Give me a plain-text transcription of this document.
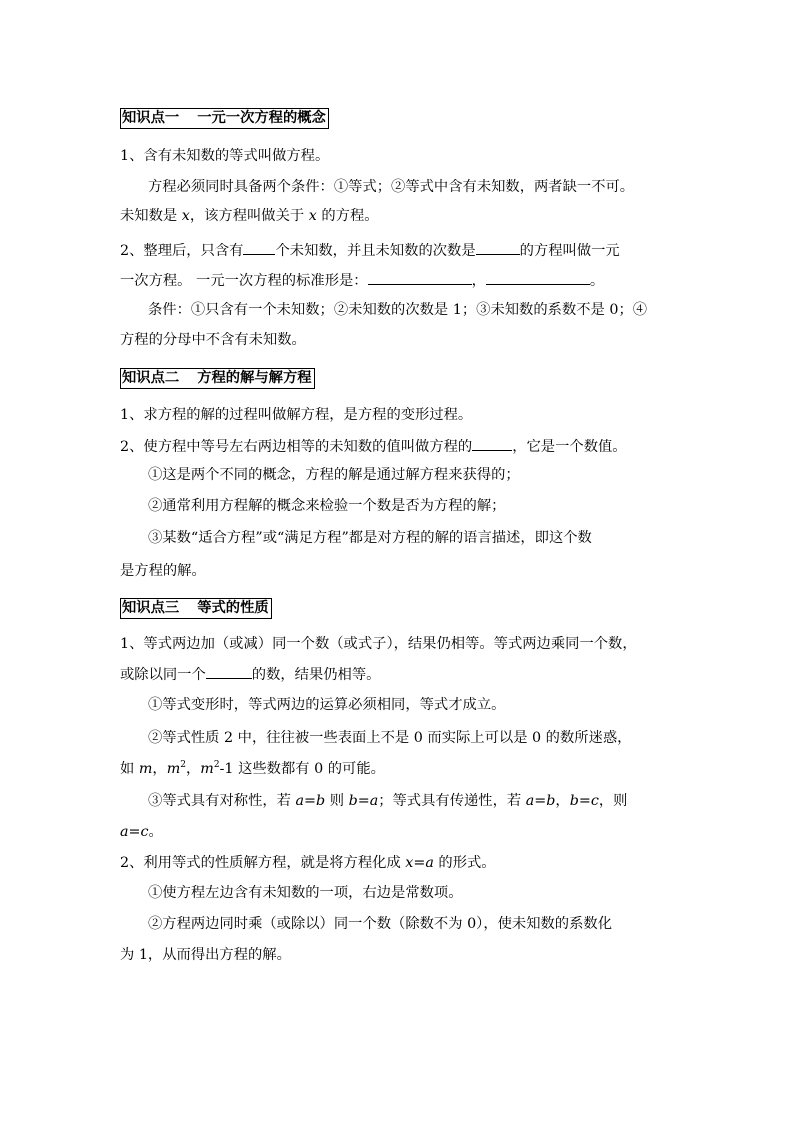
知识点一 一元一次方程的概念
1、含有未知数的等式叫做方程。
方程必须同时具备两个条件：①等式；②等式中含有未知数，两者缺一不可。
未知数是 x，该方程叫做关于 x 的方程。
2、整理后，只含有 个未知数，并且未知数的次数是	的方程叫做一元
一次方程。 一元一次方程的标准形是：	，	。
条件：①只含有一个未知数；②未知数的次数是 1；③未知数的系数不是 0；④
方程的分母中不含有未知数。
知识点二 方程的解与解方程
1、求方程的解的过程叫做解方程，是方程的变形过程。
2、使方程中等号左右两边相等的未知数的值叫做方程的	，它是一个数值。
①这是两个不同的概念，方程的解是通过解方程来获得的；
②通常利用方程解的概念来检验一个数是否为方程的解；
③某数“适合方程”或“满足方程”都是对方程的解的语言描述，即这个数
是方程的解。
知识点三 等式的性质
1、等式两边加（或减）同一个数（或式子），结果仍相等。等式两边乘同一个数，
或除以同一个	的数，结果仍相等。
①等式变形时，等式两边的运算必须相同，等式才成立。
②等式性质 2 中，往往被一些表面上不是 0 而实际上可以是 0 的数所迷惑，
如 m，$m^2$，$m^2-1$ 这些数都有 0 的可能。
③等式具有对称性，若 a=b 则 b=a；等式具有传递性，若 a=b，b=c，则
a=c。
2、利用等式的性质解方程，就是将方程化成 x=a 的形式。
①使方程左边含有未知数的一项，右边是常数项。
②方程两边同时乘（或除以）同一个数（除数不为 0），使未知数的系数化
为 1，从而得出方程的解。
